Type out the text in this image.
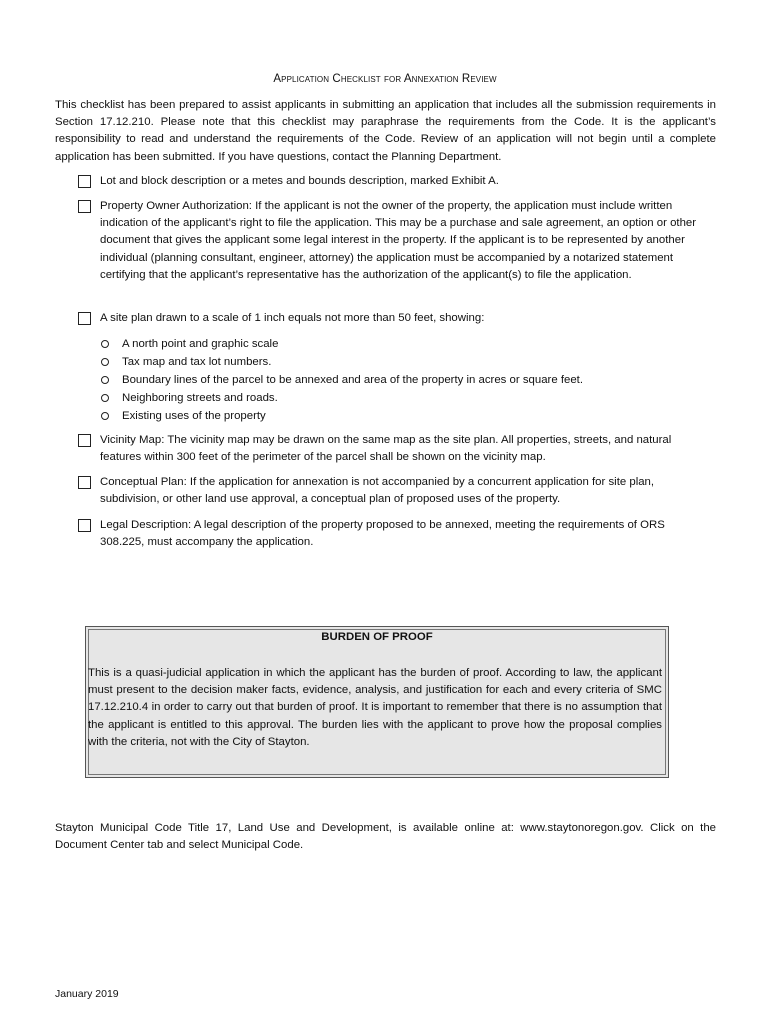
Application Checklist for Annexation Review

This checklist has been prepared to assist applicants in submitting an application that includes all the submission requirements in Section 17.12.210. Please note that this checklist may paraphrase the requirements from the Code. It is the applicant’s responsibility to read and understand the requirements of the Code. Review of an application will not begin until a complete application has been submitted. If you have questions, contact the Planning Department.

Lot and block description or a metes and bounds description, marked Exhibit A.
Property Owner Authorization: If the applicant is not the owner of the property, the application must include written indication of the applicant’s right to file the application. This may be a purchase and sale agreement, an option or other document that gives the applicant some legal interest in the property. If the applicant is to be represented by another individual (planning consultant, engineer, attorney) the application must be accompanied by a notarized statement certifying that the applicant’s representative has the authorization of the applicant(s) to file the application.
A site plan drawn to a scale of 1 inch equals not more than 50 feet, showing:
A north point and graphic scale
Tax map and tax lot numbers.
Boundary lines of the parcel to be annexed and area of the property in acres or square feet.
Neighboring streets and roads.
Existing uses of the property
Vicinity Map: The vicinity map may be drawn on the same map as the site plan. All properties, streets, and natural features within 300 feet of the perimeter of the parcel shall be shown on the vicinity map.
Conceptual Plan: If the application for annexation is not accompanied by a concurrent application for site plan, subdivision, or other land use approval, a conceptual plan of proposed uses of the property.
Legal Description: A legal description of the property proposed to be annexed, meeting the requirements of ORS 308.225, must accompany the application.
BURDEN OF PROOF

This is a quasi-judicial application in which the applicant has the burden of proof. According to law, the applicant must present to the decision maker facts, evidence, analysis, and justification for each and every criteria of SMC 17.12.210.4 in order to carry out that burden of proof. It is important to remember that there is no assumption that the applicant is entitled to this approval. The burden lies with the applicant to prove how the proposal complies with the criteria, not with the City of Stayton.

Stayton Municipal Code Title 17, Land Use and Development, is available online at: www.staytonoregon.gov. Click on the Document Center tab and select Municipal Code.

January 2019
